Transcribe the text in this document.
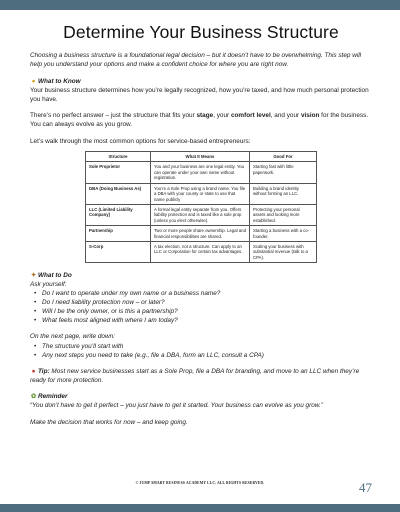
Determine Your Business Structure

Choosing a business structure is a foundational legal decision – but it doesn’t have to be overwhelming. This step will help you understand your options and make a confident choice for where you are right now.

● What to Know

Your business structure determines how you’re legally recognized, how you’re taxed, and how much personal protection you have.

There’s no perfect answer – just the structure that fits your stage, your comfort level, and your vision for the business. You can always evolve as you grow.

Let’s walk through the most common options for service-based entrepreneurs:

Structure	What It Means	Good For
Sole Proprietor	You and your business are one legal entity. You can operate under your own name without registration.	Starting fast with little paperwork.
DBA (Doing Business As)	You’re a Sole Prop using a brand name. You file a DBA with your county or state to use that name publicly	Building a brand identity without forming an LLC.
LLC (Limited Liability Company)	A formal legal entity separate from you. Offers liability protection and is taxed like a sole prop (unless you elect otherwise).	Protecting your personal assets and looking more established.
Partnership	Two or more people share ownership. Legal and financial responsibilities are shared.	Starting a business with a co-founder.
S-Corp	A tax election, not a structure. Can apply to an LLC or Corporation for certain tax advantages.	Scaling your business with substantial revenue (talk to a CPA).
✦ What to Do

Ask yourself:

• Do I want to operate under my own name or a business name?
• Do I need liability protection now – or later?
• Will I be the only owner, or is this a partnership?
• What feels most aligned with where I am today?

On the next page, write down:

• The structure you’ll start with
• Any next steps you need to take (e.g., file a DBA, form an LLC, consult a CPA)

● Tip: Most new service businesses start as a Sole Prop, file a DBA for branding, and move to an LLC when they’re ready for more protection.

✿ Reminder

“You don’t have to get it perfect – you just have to get it started. Your business can evolve as you grow.”

Make the decision that works for now – and keep going.

© JUMP SMART BUSINESS ACADEMY LLC. ALL RIGHTS RESERVED.	47
